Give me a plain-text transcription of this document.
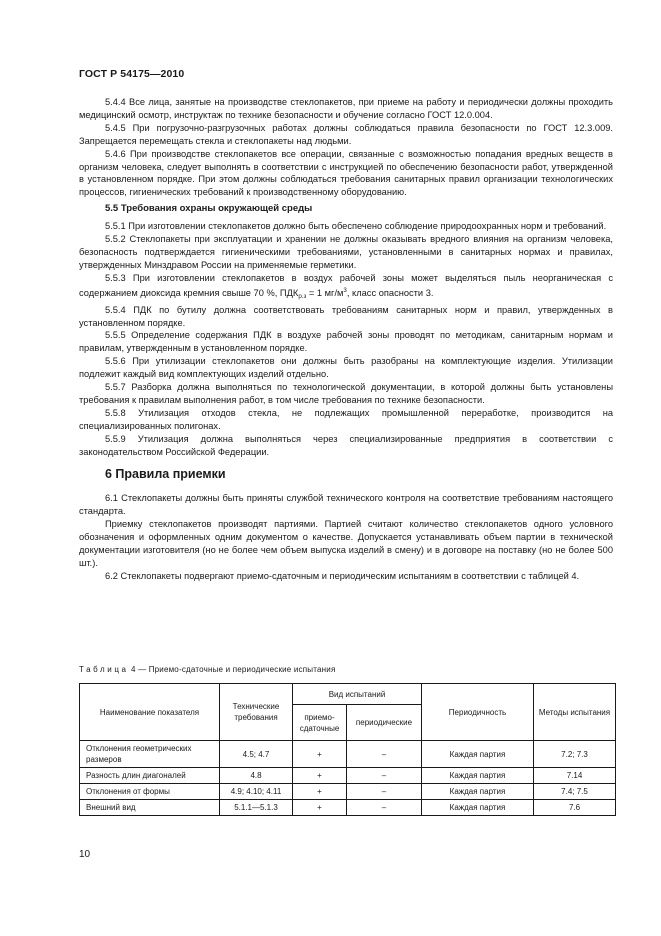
ГОСТ Р 54175—2010

5.4.4 Все лица, занятые на производстве стеклопакетов, при приеме на работу и периодически должны проходить медицинский осмотр, инструктаж по технике безопасности и обучение согласно ГОСТ 12.0.004.

5.4.5 При погрузочно-разгрузочных работах должны соблюдаться правила безопасности по ГОСТ 12.3.009. Запрещается перемещать стекла и стеклопакеты над людьми.

5.4.6 При производстве стеклопакетов все операции, связанные с возможностью попадания вредных веществ в организм человека, следует выполнять в соответствии с инструкцией по обеспечению безопасности работ, утвержденной в установленном порядке. При этом должны соблюдаться требования санитарных правил организации технологических процессов, гигиенических требований к производственному оборудованию.

5.5 Требования охраны окружающей среды

5.5.1 При изготовлении стеклопакетов должно быть обеспечено соблюдение природоохранных норм и требований.

5.5.2 Стеклопакеты при эксплуатации и хранении не должны оказывать вредного влияния на организм человека, безопасность подтверждается гигиеническими требованиями, установленными в санитарных нормах и правилах, утвержденных Минздравом России на применяемые герметики.

5.5.3 При изготовлении стеклопакетов в воздух рабочей зоны может выделяться пыль неорганическая с содержанием диоксида кремния свыше 70 %, $ПДК_{р.з} = 1$ $мг/м^3$, класс опасности 3.

5.5.4 ПДК по бутилу должна соответствовать требованиям санитарных норм и правил, утвержденных в установленном порядке.

5.5.5 Определение содержания ПДК в воздухе рабочей зоны проводят по методикам, санитарным нормам и правилам, утвержденным в установленном порядке.

5.5.6 При утилизации стеклопакетов они должны быть разобраны на комплектующие изделия. Утилизации подлежит каждый вид комплектующих изделий отдельно.

5.5.7 Разборка должна выполняться по технологической документации, в которой должны быть установлены требования к правилам выполнения работ, в том числе требования по технике безопасности.

5.5.8 Утилизация отходов стекла, не подлежащих промышленной переработке, производится на специализированных полигонах.

5.5.9 Утилизация должна выполняться через специализированные предприятия в соответствии с законодательством Российской Федерации.

6 Правила приемки

6.1 Стеклопакеты должны быть приняты службой технического контроля на соответствие требованиям настоящего стандарта.

Приемку стеклопакетов производят партиями. Партией считают количество стеклопакетов одного условного обозначения и оформленных одним документом о качестве. Допускается устанавливать объем партии в технической документации изготовителя (но не более чем объем выпуска изделий в смену) и в договоре на поставку (но не более 500 шт.).

6.2 Стеклопакеты подвергают приемо-сдаточным и периодическим испытаниям в соответствии с таблицей 4.

Таблица 4 — Приемо-сдаточные и периодические испытания
Наименование показателя	Технические требования	Вид испытаний		Периодичность	Методы испытания
		приемо-сдаточные	периодические		
Отклонения геометрических размеров	4.5; 4.7	+	–	Каждая партия	7.2; 7.3
Разность длин диагоналей	4.8	+	–	Каждая партия	7.14
Отклонения от формы	4.9; 4.10; 4.11	+	–	Каждая партия	7.4; 7.5
Внешний вид	5.1.1—5.1.3	+	–	Каждая партия	7.6
10
